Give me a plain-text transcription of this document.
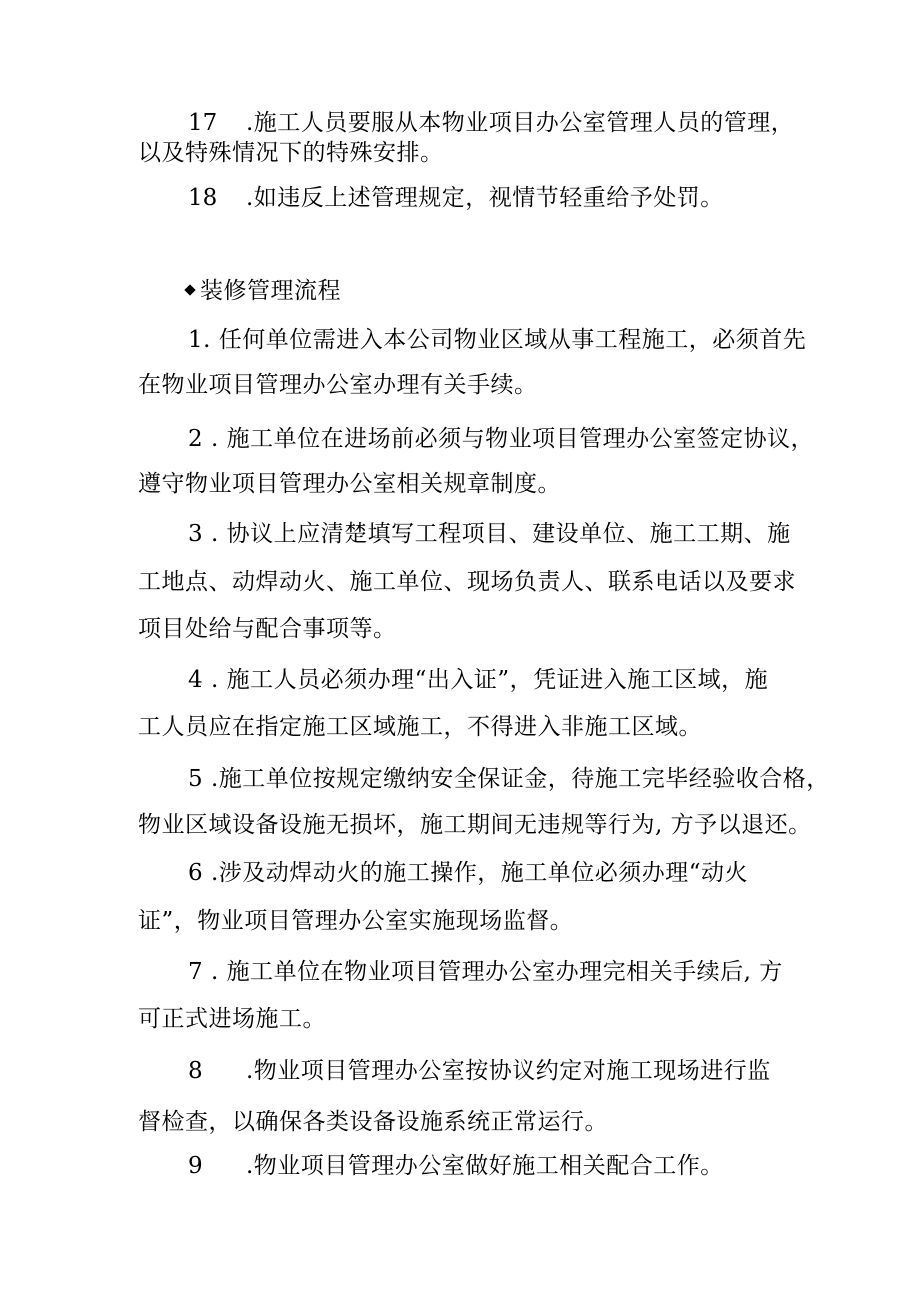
17 .施工人员要服从本物业项目办公室管理人员的管理，
以及特殊情况下的特殊安排。
18 .如违反上述管理规定，视情节轻重给予处罚。
装修管理流程
1. 任何单位需进入本公司物业区域从事工程施工，必须首先
在物业项目管理办公室办理有关手续。
2 . 施工单位在进场前必须与物业项目管理办公室签定协议，
遵守物业项目管理办公室相关规章制度。
3 . 协议上应清楚填写工程项目、建设单位、施工工期、施
工地点、动焊动火、施工单位、现场负责人、联系电话以及要求
项目处给与配合事项等。
4 . 施工人员必须办理“出入证”，凭证进入施工区域，施
工人员应在指定施工区域施工，不得进入非施工区域。
5 .施工单位按规定缴纳安全保证金，待施工完毕经验收合格，
物业区域设备设施无损坏，施工期间无违规等行为, 方予以退还。
6 .涉及动焊动火的施工操作，施工单位必须办理“动火
证”，物业项目管理办公室实施现场监督。
7 . 施工单位在物业项目管理办公室办理完相关手续后, 方
可正式进场施工。
8 .物业项目管理办公室按协议约定对施工现场进行监
督检查，以确保各类设备设施系统正常运行。
9 .物业项目管理办公室做好施工相关配合工作。
